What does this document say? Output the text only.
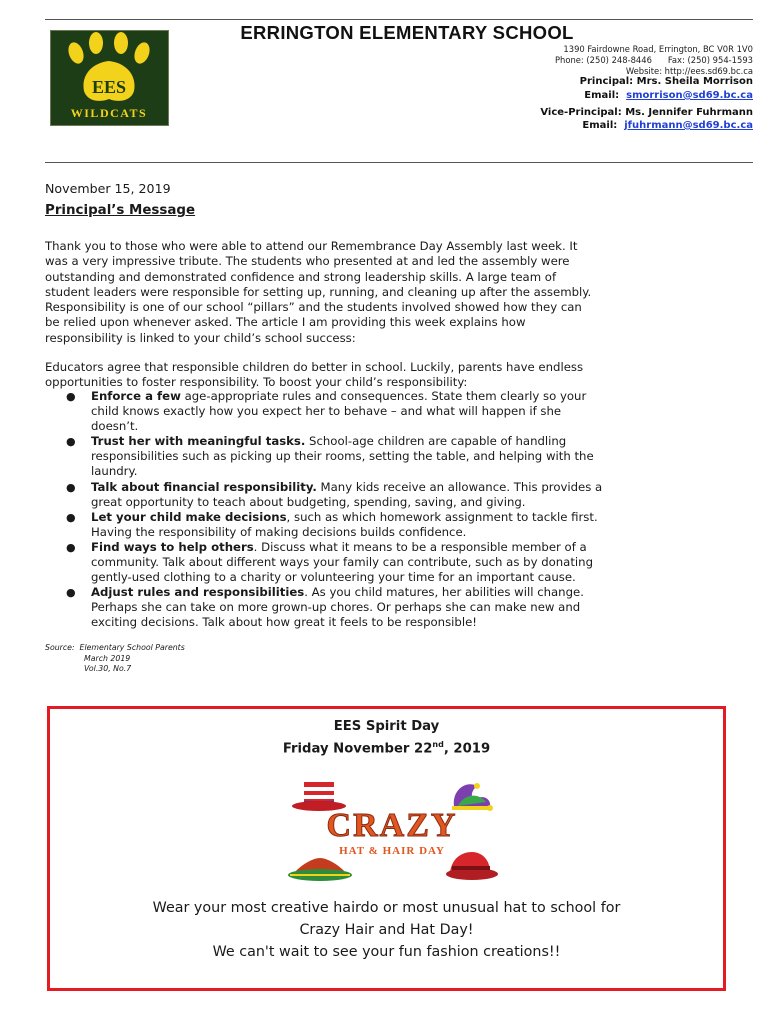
EES
WILDCATS
ERRINGTON ELEMENTARY SCHOOL
1390 Fairdowne Road, Errington, BC V0R 1V0
Phone: (250) 248-8446      Fax: (250) 954-1593
Website: http://ees.sd69.bc.ca
Principal: Mrs. Sheila Morrison
Email: smorrison@sd69.bc.ca
Vice-Principal: Ms. Jennifer Fuhrmann
Email: jfuhrmann@sd69.bc.ca
November 15, 2019
Principal’s Message
Thank you to those who were able to attend our Remembrance Day Assembly last week. It
was a very impressive tribute. The students who presented at and led the assembly were
outstanding and demonstrated confidence and strong leadership skills. A large team of
student leaders were responsible for setting up, running, and cleaning up after the assembly.
Responsibility is one of our school “pillars” and the students involved showed how they can
be relied upon whenever asked. The article I am providing this week explains how
responsibility is linked to your child’s school success:
Educators agree that responsible children do better in school. Luckily, parents have endless
opportunities to foster responsibility. To boost your child’s responsibility:
● Enforce a few age-appropriate rules and consequences. State them clearly so your
child knows exactly how you expect her to behave – and what will happen if she
doesn’t.
● Trust her with meaningful tasks. School-age children are capable of handling
responsibilities such as picking up their rooms, setting the table, and helping with the
laundry.
● Talk about financial responsibility. Many kids receive an allowance. This provides a
great opportunity to teach about budgeting, spending, saving, and giving.
● Let your child make decisions, such as which homework assignment to tackle first.
Having the responsibility of making decisions builds confidence.
● Find ways to help others. Discuss what it means to be a responsible member of a
community. Talk about different ways your family can contribute, such as by donating
gently-used clothing to a charity or volunteering your time for an important cause.
● Adjust rules and responsibilities. As you child matures, her abilities will change.
Perhaps she can take on more grown-up chores. Or perhaps she can make new and
exciting decisions. Talk about how great it feels to be responsible!
Source:  Elementary School Parents
March 2019
Vol.30, No.7
EES Spirit Day
Friday November 22nd, 2019
CRAZY
HAT & HAIR DAY
Wear your most creative hairdo or most unusual hat to school for
Crazy Hair and Hat Day!
We can't wait to see your fun fashion creations!!
